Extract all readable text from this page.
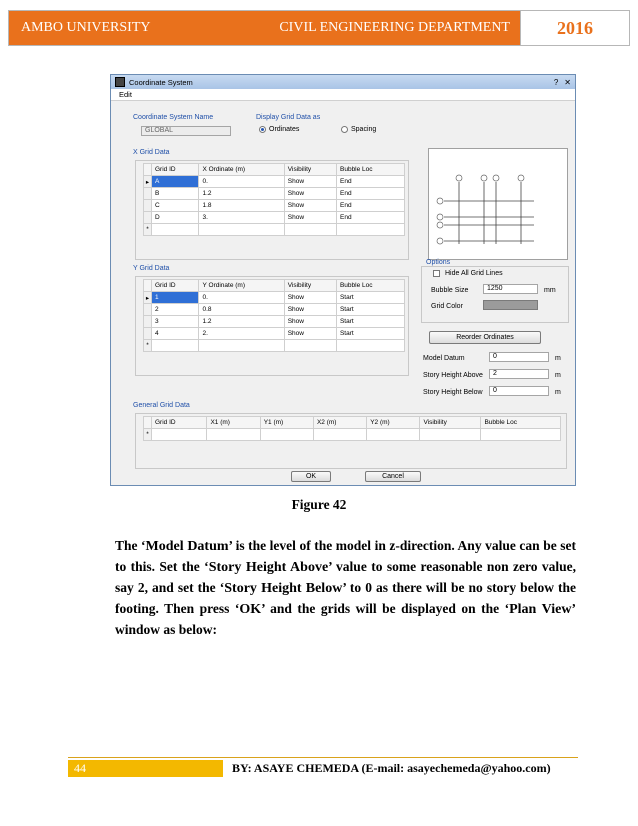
AMBO UNIVERSITY	CIVIL ENGINEERING DEPARTMENT	2016
Coordinate System	? ✕
Edit
Coordinate System Name
GLOBAL
Display Grid Data as
Ordinates	Spacing
X Grid Data
	Grid ID	X Ordinate (m)	Visibility	Bubble Loc
▸	A	0.	Show	End
	B	1.2	Show	End
	C	1.8	Show	End
	D	3.	Show	End
*				
Options
Hide All Grid Lines
Bubble Size	1250	mm
Grid Color
Y Grid Data
	Grid ID	Y Ordinate (m)	Visibility	Bubble Loc
▸	1	0.	Show	Start
	2	0.8	Show	Start
	3	1.2	Show	Start
	4	2.	Show	Start
*				
Reorder Ordinates
Model Datum	0	m
Story Height Above	2	m
Story Height Below	0	m
General Grid Data
	Grid ID	X1 (m)	Y1 (m)	X2 (m)	Y2 (m)	Visibility	Bubble Loc
*							
OK	Cancel
Figure 42

The ‘Model Datum’ is the level of the model in z-direction. Any value can be set to this. Set the ‘Story Height Above’ value to some reasonable non zero value, say 2, and set the ‘Story Height Below’ to 0 as there will be no story below the footing. Then press ‘OK’ and the grids will be displayed on the ‘Plan View’ window as below:

44	BY: ASAYE CHEMEDA (E-mail: asayechemeda@yahoo.com)
